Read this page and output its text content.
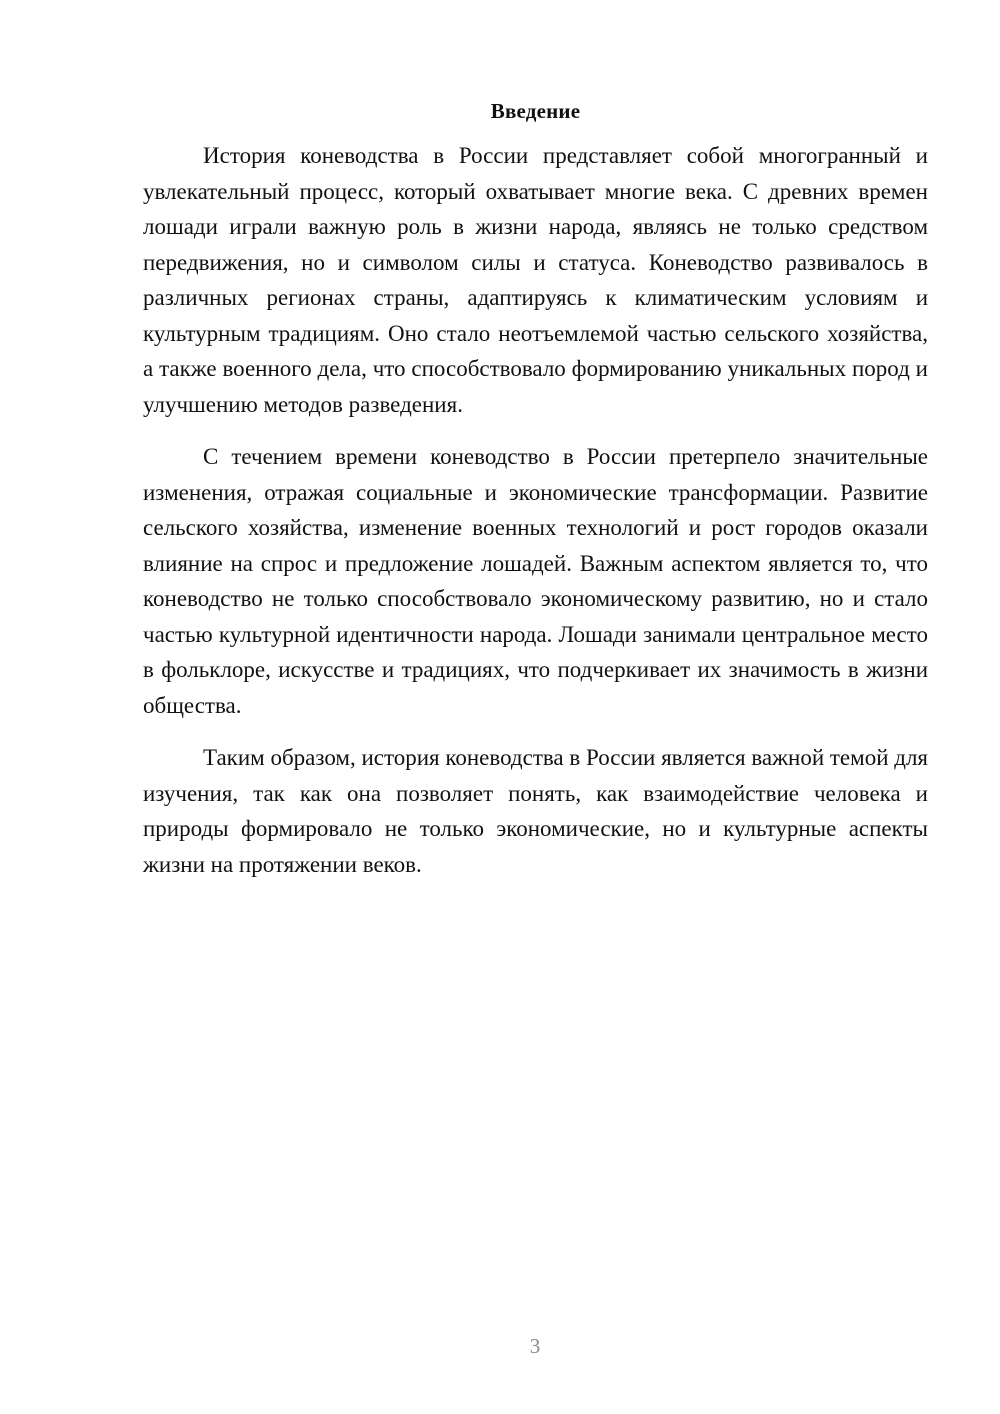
Введение

История коневодства в России представляет собой многогранный и увлекательный процесс, который охватывает многие века. С древних времен лошади играли важную роль в жизни народа, являясь не только средством передвижения, но и символом силы и статуса. Коневодство развивалось в различных регионах страны, адаптируясь к климатическим условиям и культурным традициям. Оно стало неотъемлемой частью сельского хозяйства, а также военного дела, что способствовало формированию уникальных пород и улучшению методов разведения.

С течением времени коневодство в России претерпело значительные изменения, отражая социальные и экономические трансформации. Развитие сельского хозяйства, изменение военных технологий и рост городов оказали влияние на спрос и предложение лошадей. Важным аспектом является то, что коневодство не только способствовало экономическому развитию, но и стало частью культурной идентичности народа. Лошади занимали центральное место в фольклоре, искусстве и традициях, что подчеркивает их значимость в жизни общества.

Таким образом, история коневодства в России является важной темой для изучения, так как она позволяет понять, как взаимодействие человека и природы формировало не только экономические, но и культурные аспекты жизни на протяжении веков.

3
